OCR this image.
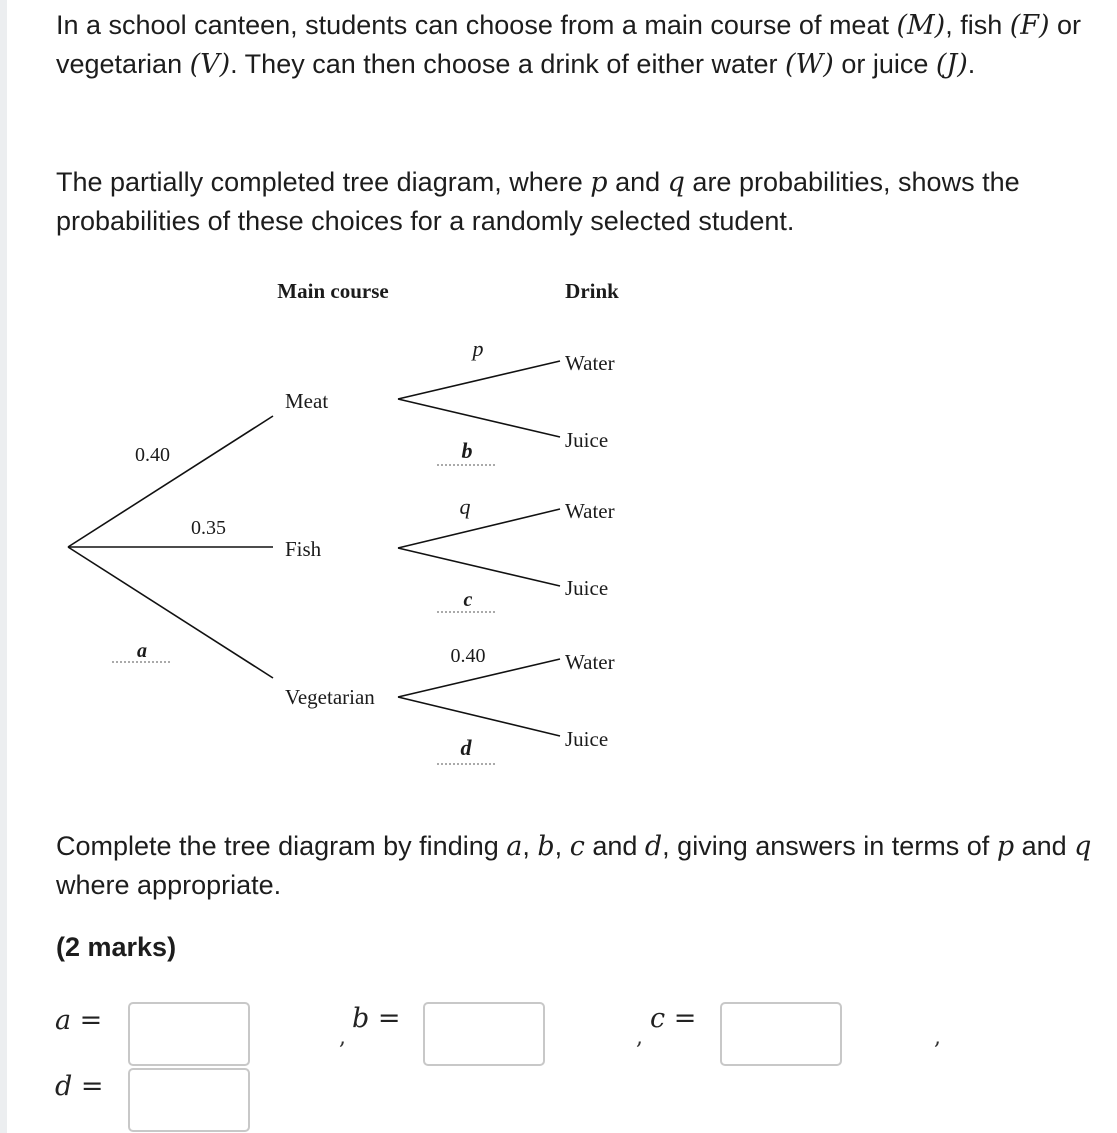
In a school canteen, students can choose from a main course of meat (M), fish (F) or vegetarian (V). They can then choose a drink of either water (W) or juice (J).

The partially completed tree diagram, where p and q are probabilities, shows the probabilities of these choices for a randomly selected student.

Main course	Drink
Meat
Fish
Vegetarian
0.40
0.35
a
Water
Juice
Water
Juice
Water
Juice
p
b
q
c
0.40
d

Complete the tree diagram by finding a, b, c and d, giving answers in terms of p and q where appropriate.

(2 marks)

a =
,
b =
,
c =
,
d =
